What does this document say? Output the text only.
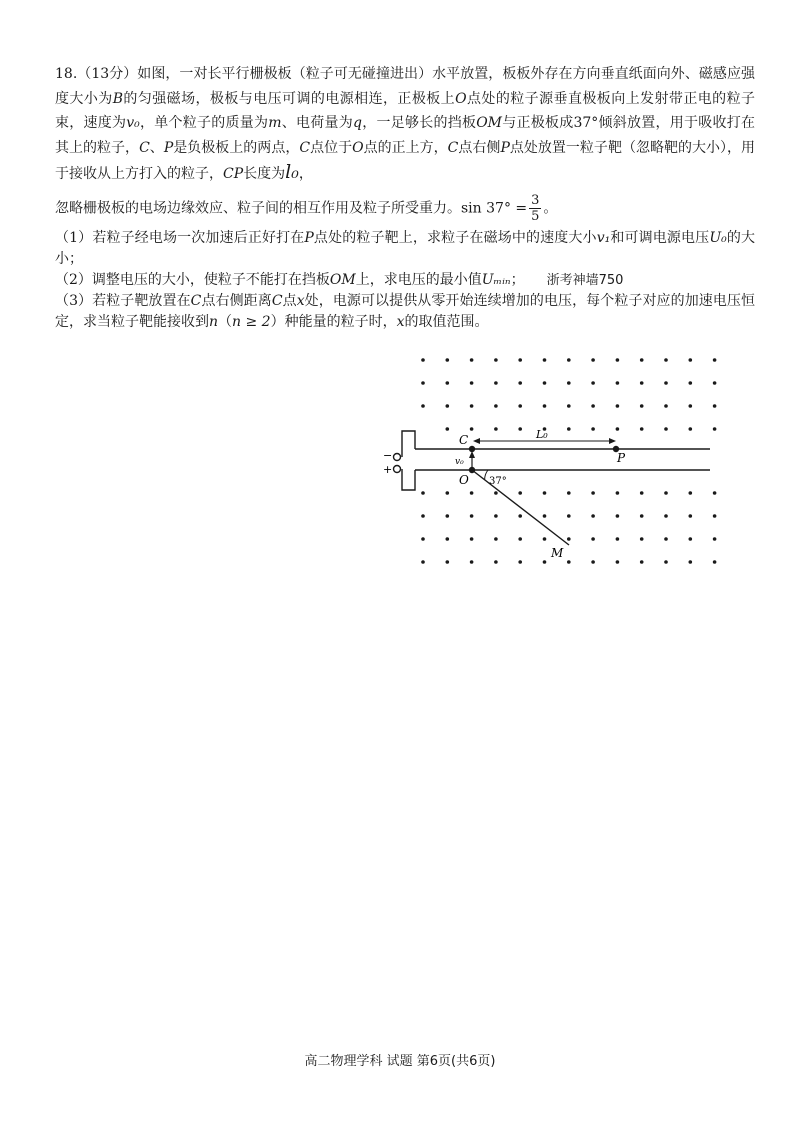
18.（13分）如图，一对长平行栅极板（粒子可无碰撞进出）水平放置，板板外存在方向垂直纸面向外、磁感应强度大小为B的匀强磁场，极板与电压可调的电源相连，正极板上O点处的粒子源垂直极板向上发射带正电的粒子束，速度为v₀，单个粒子的质量为m、电荷量为q，一足够长的挡板OM与正极板成37°倾斜放置，用于吸收打在其上的粒子，C、P是负极板上的两点，C点位于O点的正上方，C点右侧P点处放置一粒子靶（忽略靶的大小），用于接收从上方打入的粒子，CP长度为l₀，

忽略栅极板的电场边缘效应、粒子间的相互作用及粒子所受重力。$\sin 37^\circ = \frac{3}{5}$ 。

（1）若粒子经电场一次加速后正好打在P点处的粒子靶上，求粒子在磁场中的速度大小v₁和可调电源电压U₀的大小；

（2）调整电压的大小，使粒子不能打在挡板OM上，求电压的最小值Uₘᵢₙ； 浙考神墙750

（3）若粒子靶放置在C点右侧距离C点x处，电源可以提供从零开始连续增加的电压，每个粒子对应的加速电压恒定，求当粒子靶能接收到n（n ≥ 2）种能量的粒子时，x的取值范围。

−
+
C
P
O
M
L₀
v₀
37°
高二物理学科 试题 第6页(共6页)
